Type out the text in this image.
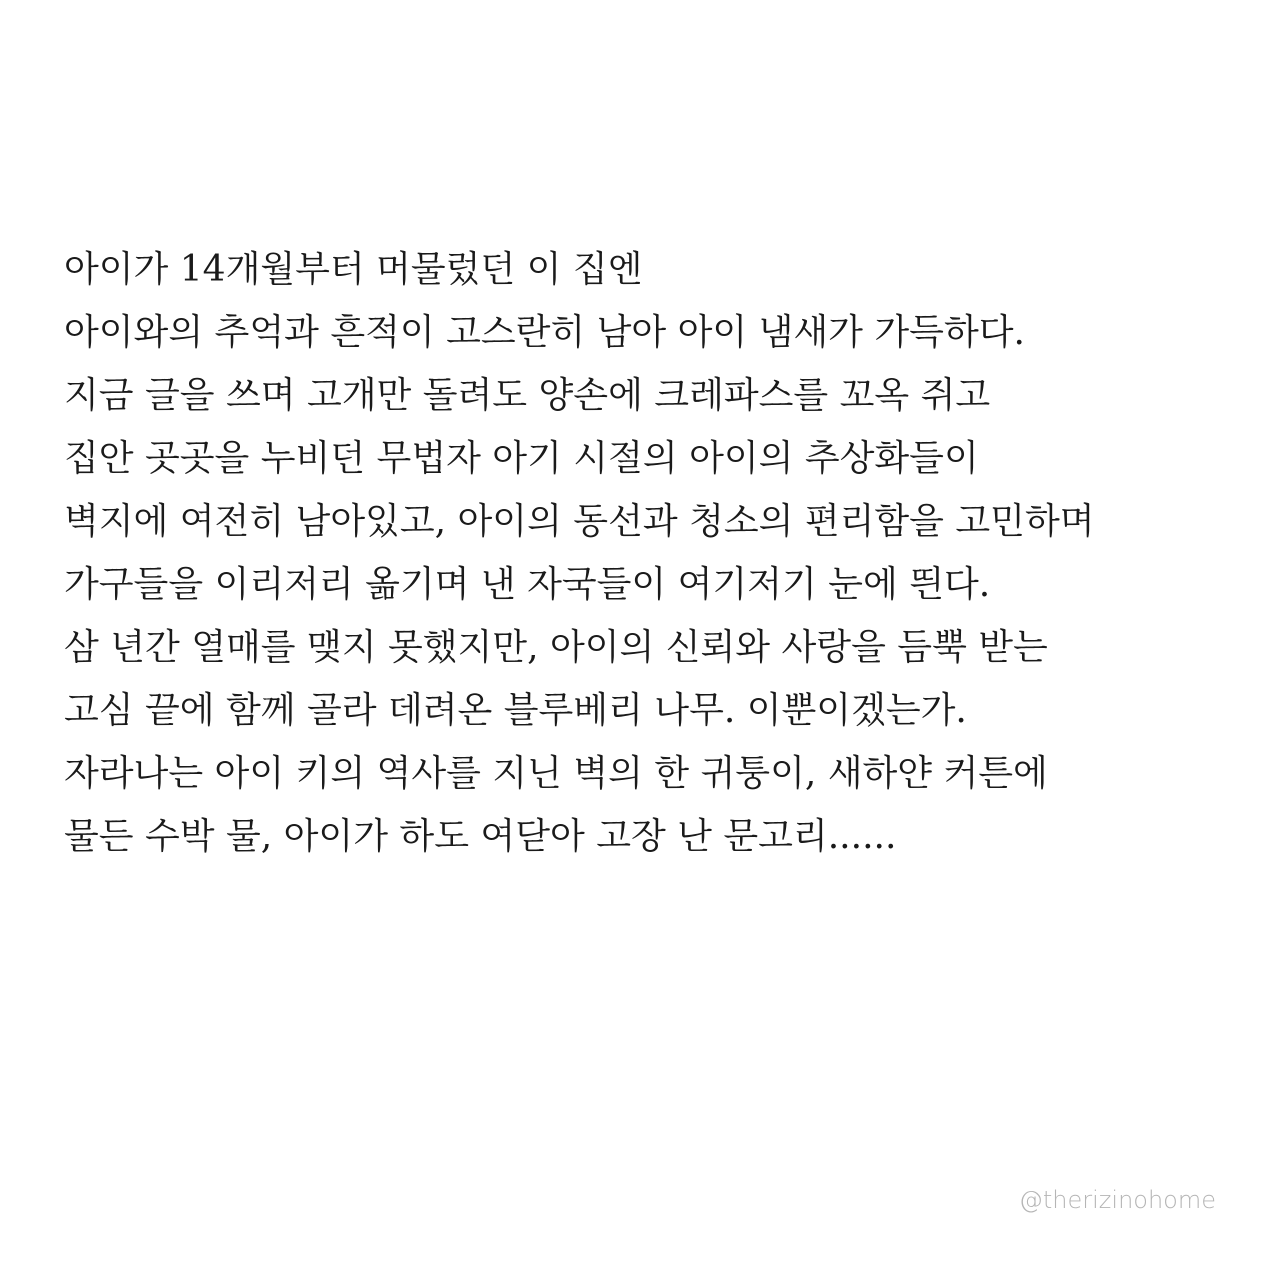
아이가 14개월부터 머물렀던 이 집엔
아이와의 추억과 흔적이 고스란히 남아 아이 냄새가 가득하다.
지금 글을 쓰며 고개만 돌려도 양손에 크레파스를 꼬옥 쥐고
집안 곳곳을 누비던 무법자 아기 시절의 아이의 추상화들이
벽지에 여전히 남아있고, 아이의 동선과 청소의 편리함을 고민하며
가구들을 이리저리 옮기며 낸 자국들이 여기저기 눈에 띈다.
삼 년간 열매를 맺지 못했지만, 아이의 신뢰와 사랑을 듬뿍 받는
고심 끝에 함께 골라 데려온 블루베리 나무. 이뿐이겠는가.
자라나는 아이 키의 역사를 지닌 벽의 한 귀퉁이, 새하얀 커튼에
물든 수박 물, 아이가 하도 여닫아 고장 난 문고리......
@therizinohome
